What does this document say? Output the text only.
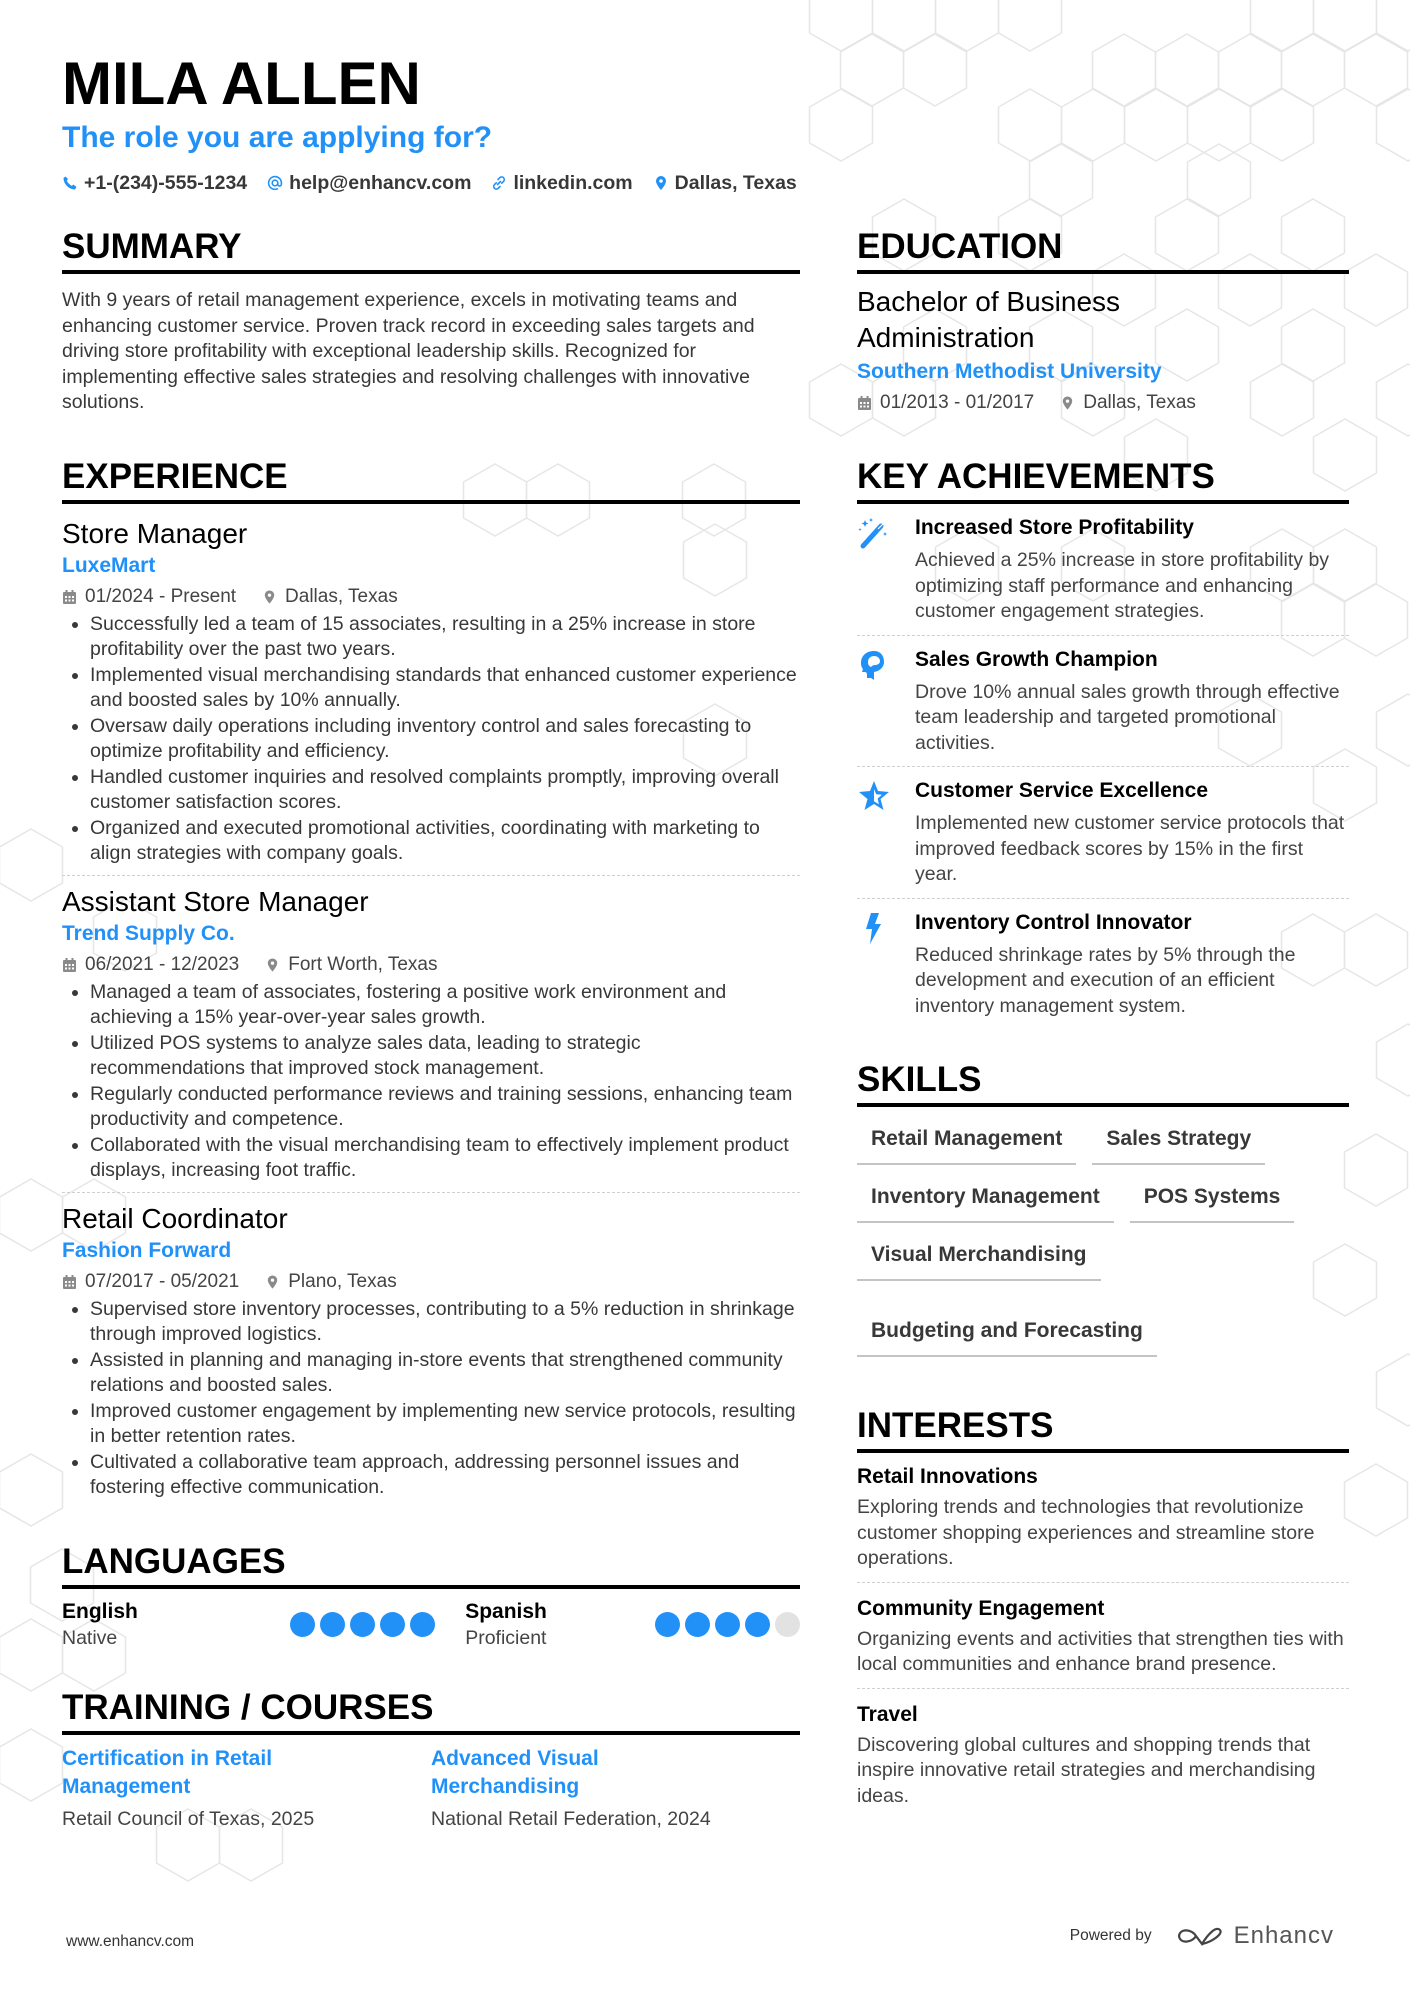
MILA ALLEN
The role you are applying for?
+1-(234)-555-1234 help@enhancv.com linkedin.com Dallas, Texas
SUMMARY
With 9 years of retail management experience, excels in motivating teams and enhancing customer service. Proven track record in exceeding sales targets and driving store profitability with exceptional leadership skills. Recognized for implementing effective sales strategies and resolving challenges with innovative solutions.
EXPERIENCE
Store Manager
LuxeMart
01/2024 - Present	Dallas, Texas
• Successfully led a team of 15 associates, resulting in a 25% increase in store profitability over the past two years.
• Implemented visual merchandising standards that enhanced customer experience and boosted sales by 10% annually.
• Oversaw daily operations including inventory control and sales forecasting to optimize profitability and efficiency.
• Handled customer inquiries and resolved complaints promptly, improving overall customer satisfaction scores.
• Organized and executed promotional activities, coordinating with marketing to align strategies with company goals.
Assistant Store Manager
Trend Supply Co.
06/2021 - 12/2023	Fort Worth, Texas
• Managed a team of associates, fostering a positive work environment and achieving a 15% year-over-year sales growth.
• Utilized POS systems to analyze sales data, leading to strategic recommendations that improved stock management.
• Regularly conducted performance reviews and training sessions, enhancing team productivity and competence.
• Collaborated with the visual merchandising team to effectively implement product displays, increasing foot traffic.
Retail Coordinator
Fashion Forward
07/2017 - 05/2021	Plano, Texas
• Supervised store inventory processes, contributing to a 5% reduction in shrinkage through improved logistics.
• Assisted in planning and managing in-store events that strengthened community relations and boosted sales.
• Improved customer engagement by implementing new service protocols, resulting in better retention rates.
• Cultivated a collaborative team approach, addressing personnel issues and fostering effective communication.
LANGUAGES
English
Native
Spanish
Proficient
TRAINING / COURSES
Certification in Retail Management
Retail Council of Texas, 2025
Advanced Visual Merchandising
National Retail Federation, 2024
EDUCATION
Bachelor of Business Administration
Southern Methodist University
01/2013 - 01/2017	Dallas, Texas
KEY ACHIEVEMENTS
Increased Store Profitability
Achieved a 25% increase in store profitability by optimizing staff performance and enhancing customer engagement strategies.
Sales Growth Champion
Drove 10% annual sales growth through effective team leadership and targeted promotional activities.
Customer Service Excellence
Implemented new customer service protocols that improved feedback scores by 15% in the first year.
Inventory Control Innovator
Reduced shrinkage rates by 5% through the development and execution of an efficient inventory management system.
SKILLS
Retail Management	Sales Strategy
Inventory Management	POS Systems
Visual Merchandising
Budgeting and Forecasting
INTERESTS
Retail Innovations
Exploring trends and technologies that revolutionize customer shopping experiences and streamline store operations.
Community Engagement
Organizing events and activities that strengthen ties with local communities and enhance brand presence.
Travel
Discovering global cultures and shopping trends that inspire innovative retail strategies and merchandising ideas.
www.enhancv.com	Powered by	Enhancv
